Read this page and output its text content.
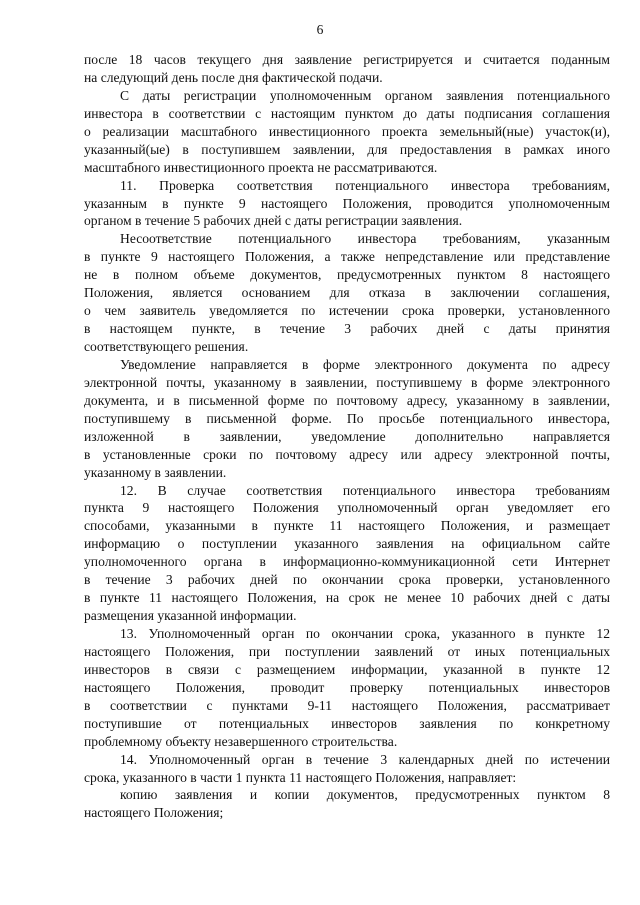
6
после 18 часов текущего дня заявление регистрируется и считается поданным
на следующий день после дня фактической подачи.
С даты регистрации уполномоченным органом заявления потенциального
инвестора в соответствии с настоящим пунктом до даты подписания соглашения
о реализации масштабного инвестиционного проекта земельный(ные) участок(и),
указанный(ые) в поступившем заявлении, для предоставления в рамках иного
масштабного инвестиционного проекта не рассматриваются.
11. Проверка соответствия потенциального инвестора требованиям,
указанным в пункте 9 настоящего Положения, проводится уполномоченным
органом в течение 5 рабочих дней с даты регистрации заявления.
Несоответствие потенциального инвестора требованиям, указанным
в пункте 9 настоящего Положения, а также непредставление или представление
не в полном объеме документов, предусмотренных пунктом 8 настоящего
Положения, является основанием для отказа в заключении соглашения,
о чем заявитель уведомляется по истечении срока проверки, установленного
в настоящем пункте, в течение 3 рабочих дней с даты принятия
соответствующего решения.
Уведомление направляется в форме электронного документа по адресу
электронной почты, указанному в заявлении, поступившему в форме электронного
документа, и в письменной форме по почтовому адресу, указанному в заявлении,
поступившему в письменной форме. По просьбе потенциального инвестора,
изложенной в заявлении, уведомление дополнительно направляется
в установленные сроки по почтовому адресу или адресу электронной почты,
указанному в заявлении.
12. В случае соответствия потенциального инвестора требованиям
пункта 9 настоящего Положения уполномоченный орган уведомляет его
способами, указанными в пункте 11 настоящего Положения, и размещает
информацию о поступлении указанного заявления на официальном сайте
уполномоченного органа в информационно-коммуникационной сети Интернет
в течение 3 рабочих дней по окончании срока проверки, установленного
в пункте 11 настоящего Положения, на срок не менее 10 рабочих дней с даты
размещения указанной информации.
13. Уполномоченный орган по окончании срока, указанного в пункте 12
настоящего Положения, при поступлении заявлений от иных потенциальных
инвесторов в связи с размещением информации, указанной в пункте 12
настоящего Положения, проводит проверку потенциальных инвесторов
в соответствии с пунктами 9-11 настоящего Положения, рассматривает
поступившие от потенциальных инвесторов заявления по конкретному
проблемному объекту незавершенного строительства.
14. Уполномоченный орган в течение 3 календарных дней по истечении
срока, указанного в части 1 пункта 11 настоящего Положения, направляет:
копию заявления и копии документов, предусмотренных пунктом 8
настоящего Положения;
